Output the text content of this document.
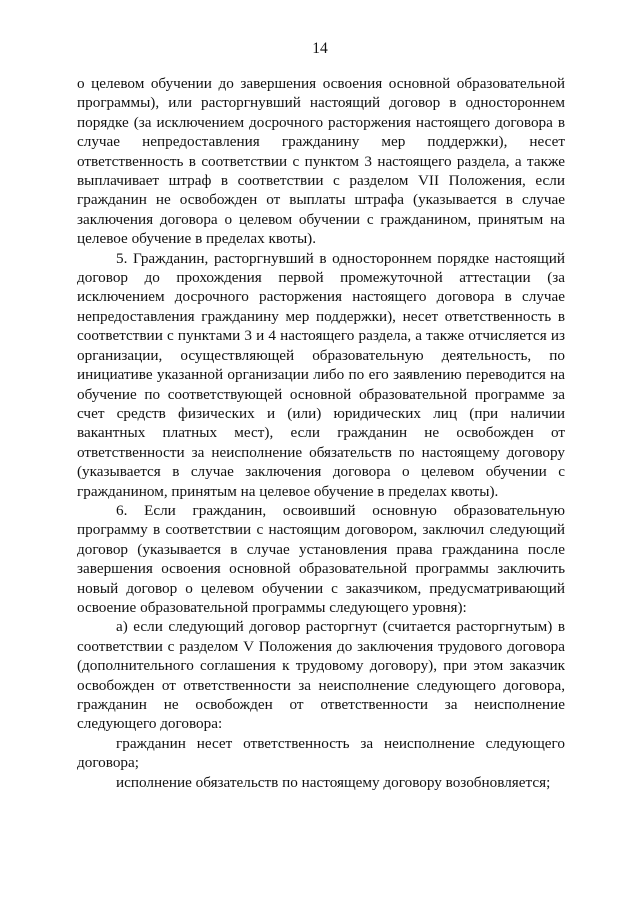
14

о целевом обучении до завершения освоения основной образовательной программы), или расторгнувший настоящий договор в одностороннем порядке (за исключением досрочного расторжения настоящего договора в случае непредоставления гражданину мер поддержки), несет ответственность в соответствии с пунктом 3 настоящего раздела, а также выплачивает штраф в соответствии с разделом VII Положения, если гражданин не освобожден от выплаты штрафа (указывается в случае заключения договора о целевом обучении с гражданином, принятым на целевое обучение в пределах квоты).

5. Гражданин, расторгнувший в одностороннем порядке настоящий договор до прохождения первой промежуточной аттестации (за исключением досрочного расторжения настоящего договора в случае непредоставления гражданину мер поддержки), несет ответственность в соответствии с пунктами 3 и 4 настоящего раздела, а также отчисляется из организации, осуществляющей образовательную деятельность, по инициативе указанной организации либо по его заявлению переводится на обучение по соответствующей основной образовательной программе за счет средств физических и (или) юридических лиц (при наличии вакантных платных мест), если гражданин не освобожден от ответственности за неисполнение обязательств по настоящему договору (указывается в случае заключения договора о целевом обучении с гражданином, принятым на целевое обучение в пределах квоты).

6. Если гражданин, освоивший основную образовательную программу в соответствии с настоящим договором, заключил следующий договор (указывается в случае установления права гражданина после завершения освоения основной образовательной программы заключить новый договор о целевом обучении с заказчиком, предусматривающий освоение образовательной программы следующего уровня):

а) если следующий договор расторгнут (считается расторгнутым) в соответствии с разделом V Положения до заключения трудового договора (дополнительного соглашения к трудовому договору), при этом заказчик освобожден от ответственности за неисполнение следующего договора, гражданин не освобожден от ответственности за неисполнение следующего договора:

гражданин несет ответственность за неисполнение следующего договора;

исполнение обязательств по настоящему договору возобновляется;
